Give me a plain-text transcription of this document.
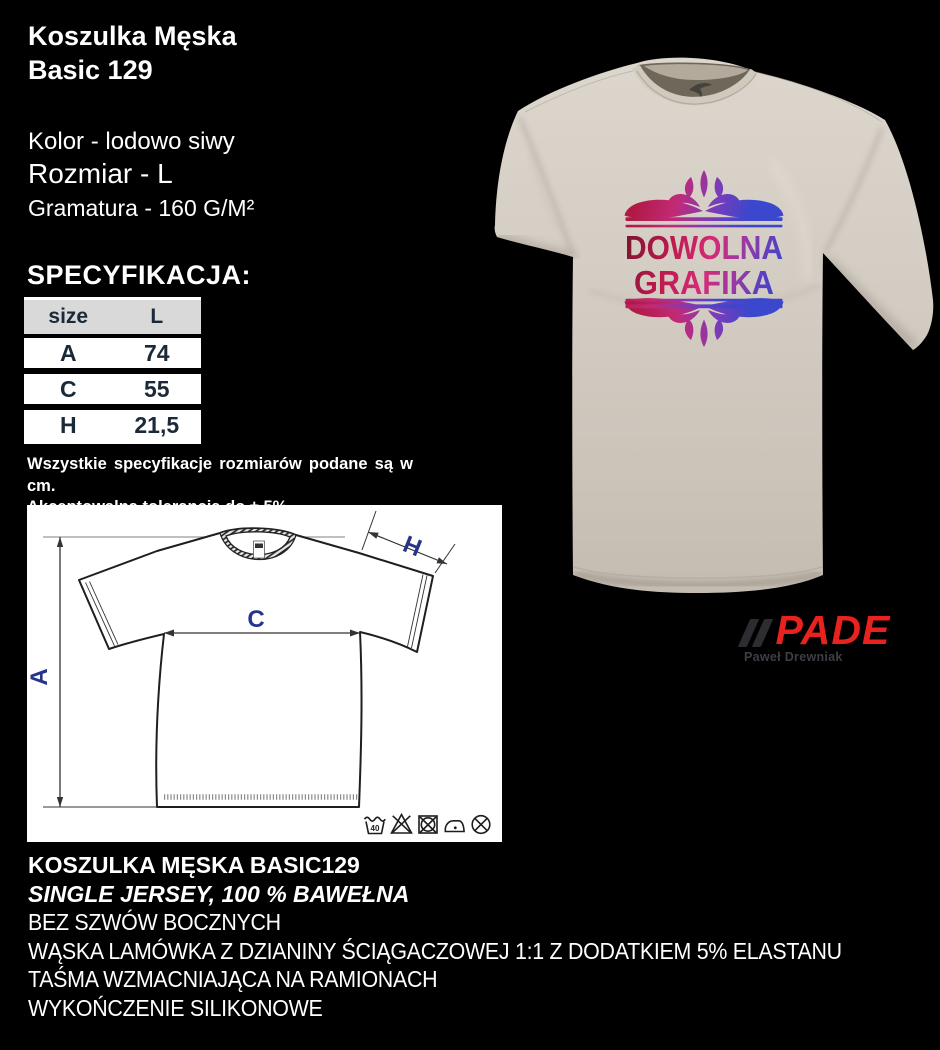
Koszulka Męska
Basic 129
Kolor - lodowo siwy
Rozmiar - L
Gramatura - 160 G/M²
SPECYFIKACJA:
size	L
A	74
C	55
H	21,5
Wszystkie specyfikacje rozmiarów podane są w cm.
C
A
H
40
DOWOLNA
GRAFIKA
PADE
Paweł Drewniak
KOSZULKA MĘSKA BASIC129
SINGLE JERSEY, 100 % BAWEŁNA
BEZ SZWÓW BOCZNYCH
WĄSKA LAMÓWKA Z DZIANINY ŚCIĄGACZOWEJ 1:1 Z DODATKIEM 5% ELASTANU
TAŚMA WZMACNIAJĄCA NA RAMIONACH
WYKOŃCZENIE SILIKONOWE
